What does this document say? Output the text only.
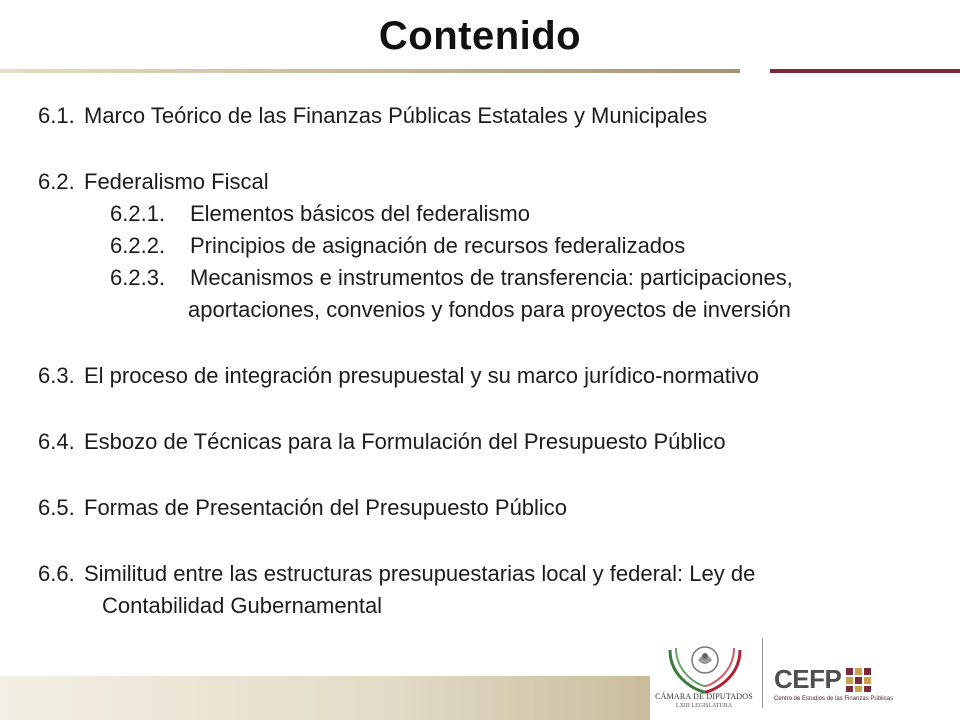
Contenido
6.1. Marco Teórico de las Finanzas Públicas Estatales y Municipales
6.2. Federalismo Fiscal
6.2.1.	Elementos básicos del federalismo
6.2.2.	Principios de asignación de recursos federalizados
6.2.3.	Mecanismos e instrumentos de transferencia: participaciones,
aportaciones, convenios y fondos para proyectos de inversión
6.3. El proceso de integración presupuestal y su marco jurídico-normativo
6.4. Esbozo de Técnicas para la Formulación del Presupuesto Público
6.5. Formas de Presentación del Presupuesto Público
6.6. Similitud entre las estructuras presupuestarias local y federal: Ley de
Contabilidad Gubernamental
CÁMARA DE DIPUTADOS
LXIII LEGISLATURA
CEFP
Centro de Estudios de las Finanzas Públicas
